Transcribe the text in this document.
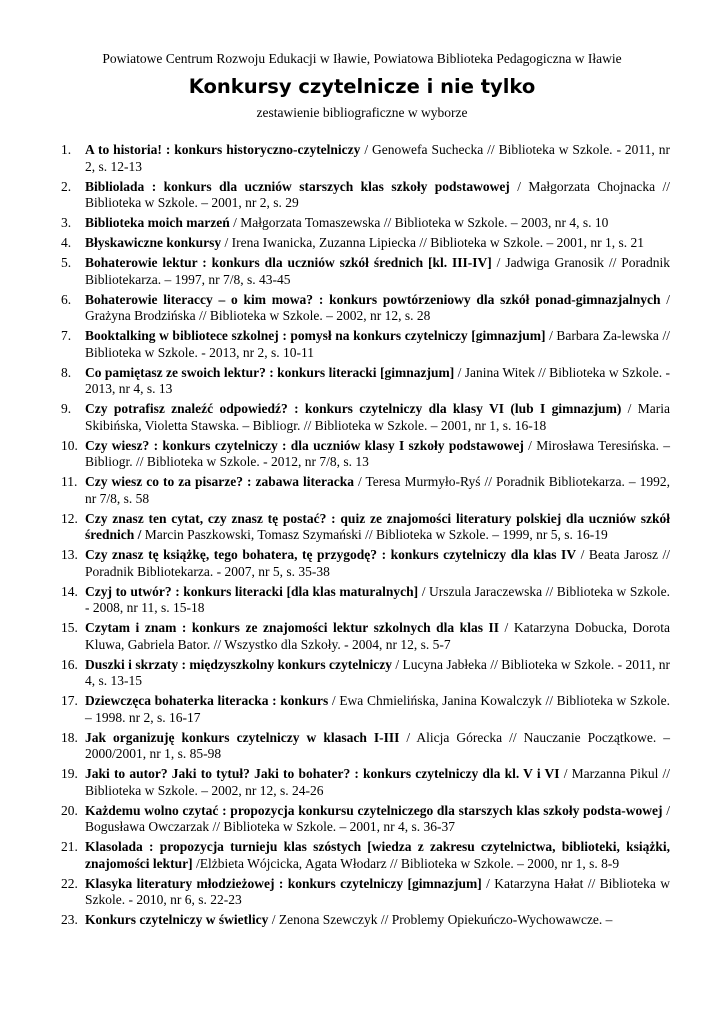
Powiatowe Centrum Rozwoju Edukacji w Iławie, Powiatowa Biblioteka Pedagogiczna w Iławie
Konkursy czytelnicze i nie tylko
zestawienie bibliograficzne w wyborze
1. A to historia! : konkurs historyczno-czytelniczy / Genowefa Suchecka // Biblioteka w Szkole. - 2011, nr 2, s. 12-13
2. Bibliolada : konkurs dla uczniów starszych klas szkoły podstawowej / Małgorzata Chojnacka // Biblioteka w Szkole. – 2001, nr 2, s. 29
3. Biblioteka moich marzeń / Małgorzata Tomaszewska // Biblioteka w Szkole. – 2003, nr 4, s. 10
4. Błyskawiczne konkursy / Irena Iwanicka, Zuzanna Lipiecka // Biblioteka w Szkole. – 2001, nr 1, s. 21
5. Bohaterowie lektur : konkurs dla uczniów szkół średnich [kl. III-IV] / Jadwiga Granosik // Poradnik Bibliotekarza. – 1997, nr 7/8, s. 43-45
6. Bohaterowie literaccy – o kim mowa? : konkurs powtórzeniowy dla szkół ponad-gimnazjalnych / Grażyna Brodzińska // Biblioteka w Szkole. – 2002, nr 12, s. 28
7. Booktalking w bibliotece szkolnej : pomysł na konkurs czytelniczy [gimnazjum] / Barbara Za-lewska // Biblioteka w Szkole. - 2013, nr 2, s. 10-11
8. Co pamiętasz ze swoich lektur? : konkurs literacki [gimnazjum] / Janina Witek // Biblioteka w Szkole. - 2013, nr 4, s. 13
9. Czy potrafisz znaleźć odpowiedź? : konkurs czytelniczy dla klasy VI (lub I gimnazjum) / Maria Skibińska, Violetta Stawska. – Bibliogr. // Biblioteka w Szkole. – 2001, nr 1, s. 16-18
10. Czy wiesz? : konkurs czytelniczy : dla uczniów klasy I szkoły podstawowej / Mirosława Teresińska. – Bibliogr. // Biblioteka w Szkole. - 2012, nr 7/8, s. 13
11. Czy wiesz co to za pisarze? : zabawa literacka / Teresa Murmyło-Ryś // Poradnik Bibliotekarza. – 1992, nr 7/8, s. 58
12. Czy znasz ten cytat, czy znasz tę postać? : quiz ze znajomości literatury polskiej dla uczniów szkół średnich / Marcin Paszkowski, Tomasz Szymański // Biblioteka w Szkole. – 1999, nr 5, s. 16-19
13. Czy znasz tę książkę, tego bohatera, tę przygodę? : konkurs czytelniczy dla klas IV / Beata Jarosz // Poradnik Bibliotekarza. - 2007, nr 5, s. 35-38
14. Czyj to utwór? : konkurs literacki [dla klas maturalnych] / Urszula Jaraczewska // Biblioteka w Szkole. - 2008, nr 11, s. 15-18
15. Czytam i znam : konkurs ze znajomości lektur szkolnych dla klas II / Katarzyna Dobucka, Dorota Kluwa, Gabriela Bator. // Wszystko dla Szkoły. - 2004, nr 12, s. 5-7
16. Duszki i skrzaty : międzyszkolny konkurs czytelniczy / Lucyna Jabłeka // Biblioteka w Szkole. - 2011, nr 4, s. 13-15
17. Dziewczęca bohaterka literacka : konkurs / Ewa Chmielińska, Janina Kowalczyk // Biblioteka w Szkole. – 1998. nr 2, s. 16-17
18. Jak organizuję konkurs czytelniczy w klasach I-III / Alicja Górecka // Nauczanie Początkowe. – 2000/2001, nr 1, s. 85-98
19. Jaki to autor? Jaki to tytuł? Jaki to bohater? : konkurs czytelniczy dla kl. V i VI / Marzanna Pikul // Biblioteka w Szkole. – 2002, nr 12, s. 24-26
20. Każdemu wolno czytać : propozycja konkursu czytelniczego dla starszych klas szkoły podsta-wowej / Bogusława Owczarzak // Biblioteka w Szkole. – 2001, nr 4, s. 36-37
21. Klasolada : propozycja turnieju klas szóstych [wiedza z zakresu czytelnictwa, biblioteki, książki, znajomości lektur] /Elżbieta Wójcicka, Agata Włodarz // Biblioteka w Szkole. – 2000, nr 1, s. 8-9
22. Klasyka literatury młodzieżowej : konkurs czytelniczy [gimnazjum] / Katarzyna Hałat // Biblioteka w Szkole. - 2010, nr 6, s. 22-23
23. Konkurs czytelniczy w świetlicy / Zenona Szewczyk // Problemy Opiekuńczo-Wychowawcze. –
